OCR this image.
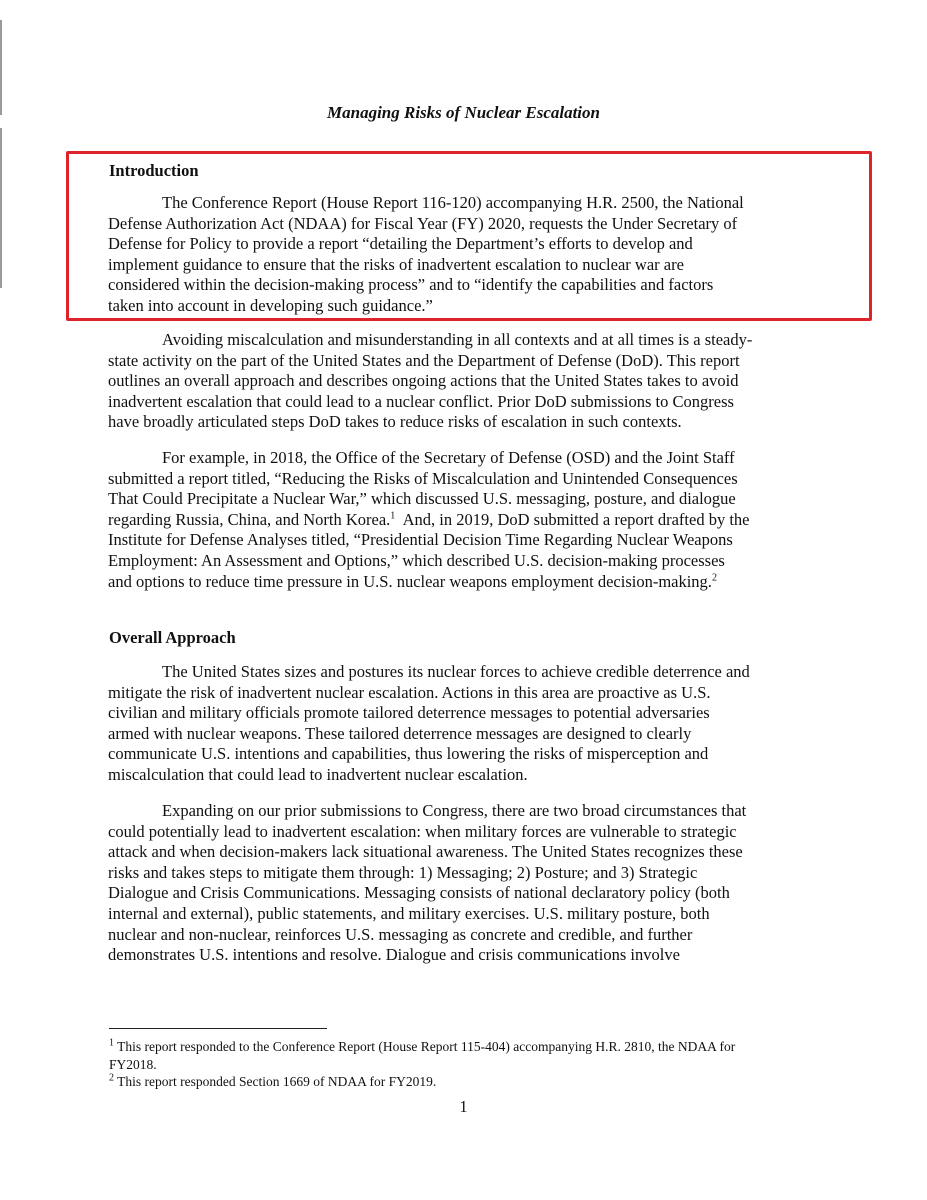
Managing Risks of Nuclear Escalation
Introduction
The Conference Report (House Report 116-120) accompanying H.R. 2500, the National
Defense Authorization Act (NDAA) for Fiscal Year (FY) 2020, requests the Under Secretary of
Defense for Policy to provide a report “detailing the Department’s efforts to develop and
implement guidance to ensure that the risks of inadvertent escalation to nuclear war are
considered within the decision-making process” and to “identify the capabilities and factors
taken into account in developing such guidance.”
Avoiding miscalculation and misunderstanding in all contexts and at all times is a steady-
state activity on the part of the United States and the Department of Defense (DoD). This report
outlines an overall approach and describes ongoing actions that the United States takes to avoid
inadvertent escalation that could lead to a nuclear conflict. Prior DoD submissions to Congress
have broadly articulated steps DoD takes to reduce risks of escalation in such contexts.
For example, in 2018, the Office of the Secretary of Defense (OSD) and the Joint Staff
submitted a report titled, “Reducing the Risks of Miscalculation and Unintended Consequences
That Could Precipitate a Nuclear War,” which discussed U.S. messaging, posture, and dialogue
regarding Russia, China, and North Korea.$^1$  And, in 2019, DoD submitted a report drafted by the
Institute for Defense Analyses titled, “Presidential Decision Time Regarding Nuclear Weapons
Employment: An Assessment and Options,” which described U.S. decision-making processes
and options to reduce time pressure in U.S. nuclear weapons employment decision-making.$^2$
Overall Approach
The United States sizes and postures its nuclear forces to achieve credible deterrence and
mitigate the risk of inadvertent nuclear escalation. Actions in this area are proactive as U.S.
civilian and military officials promote tailored deterrence messages to potential adversaries
armed with nuclear weapons. These tailored deterrence messages are designed to clearly
communicate U.S. intentions and capabilities, thus lowering the risks of misperception and
miscalculation that could lead to inadvertent nuclear escalation.
Expanding on our prior submissions to Congress, there are two broad circumstances that
could potentially lead to inadvertent escalation: when military forces are vulnerable to strategic
attack and when decision-makers lack situational awareness. The United States recognizes these
risks and takes steps to mitigate them through: 1) Messaging; 2) Posture; and 3) Strategic
Dialogue and Crisis Communications. Messaging consists of national declaratory policy (both
internal and external), public statements, and military exercises. U.S. military posture, both
nuclear and non-nuclear, reinforces U.S. messaging as concrete and credible, and further
demonstrates U.S. intentions and resolve. Dialogue and crisis communications involve
$^1$ This report responded to the Conference Report (House Report 115-404) accompanying H.R. 2810, the NDAA for
FY2018.
$^2$ This report responded Section 1669 of NDAA for FY2019.

1
